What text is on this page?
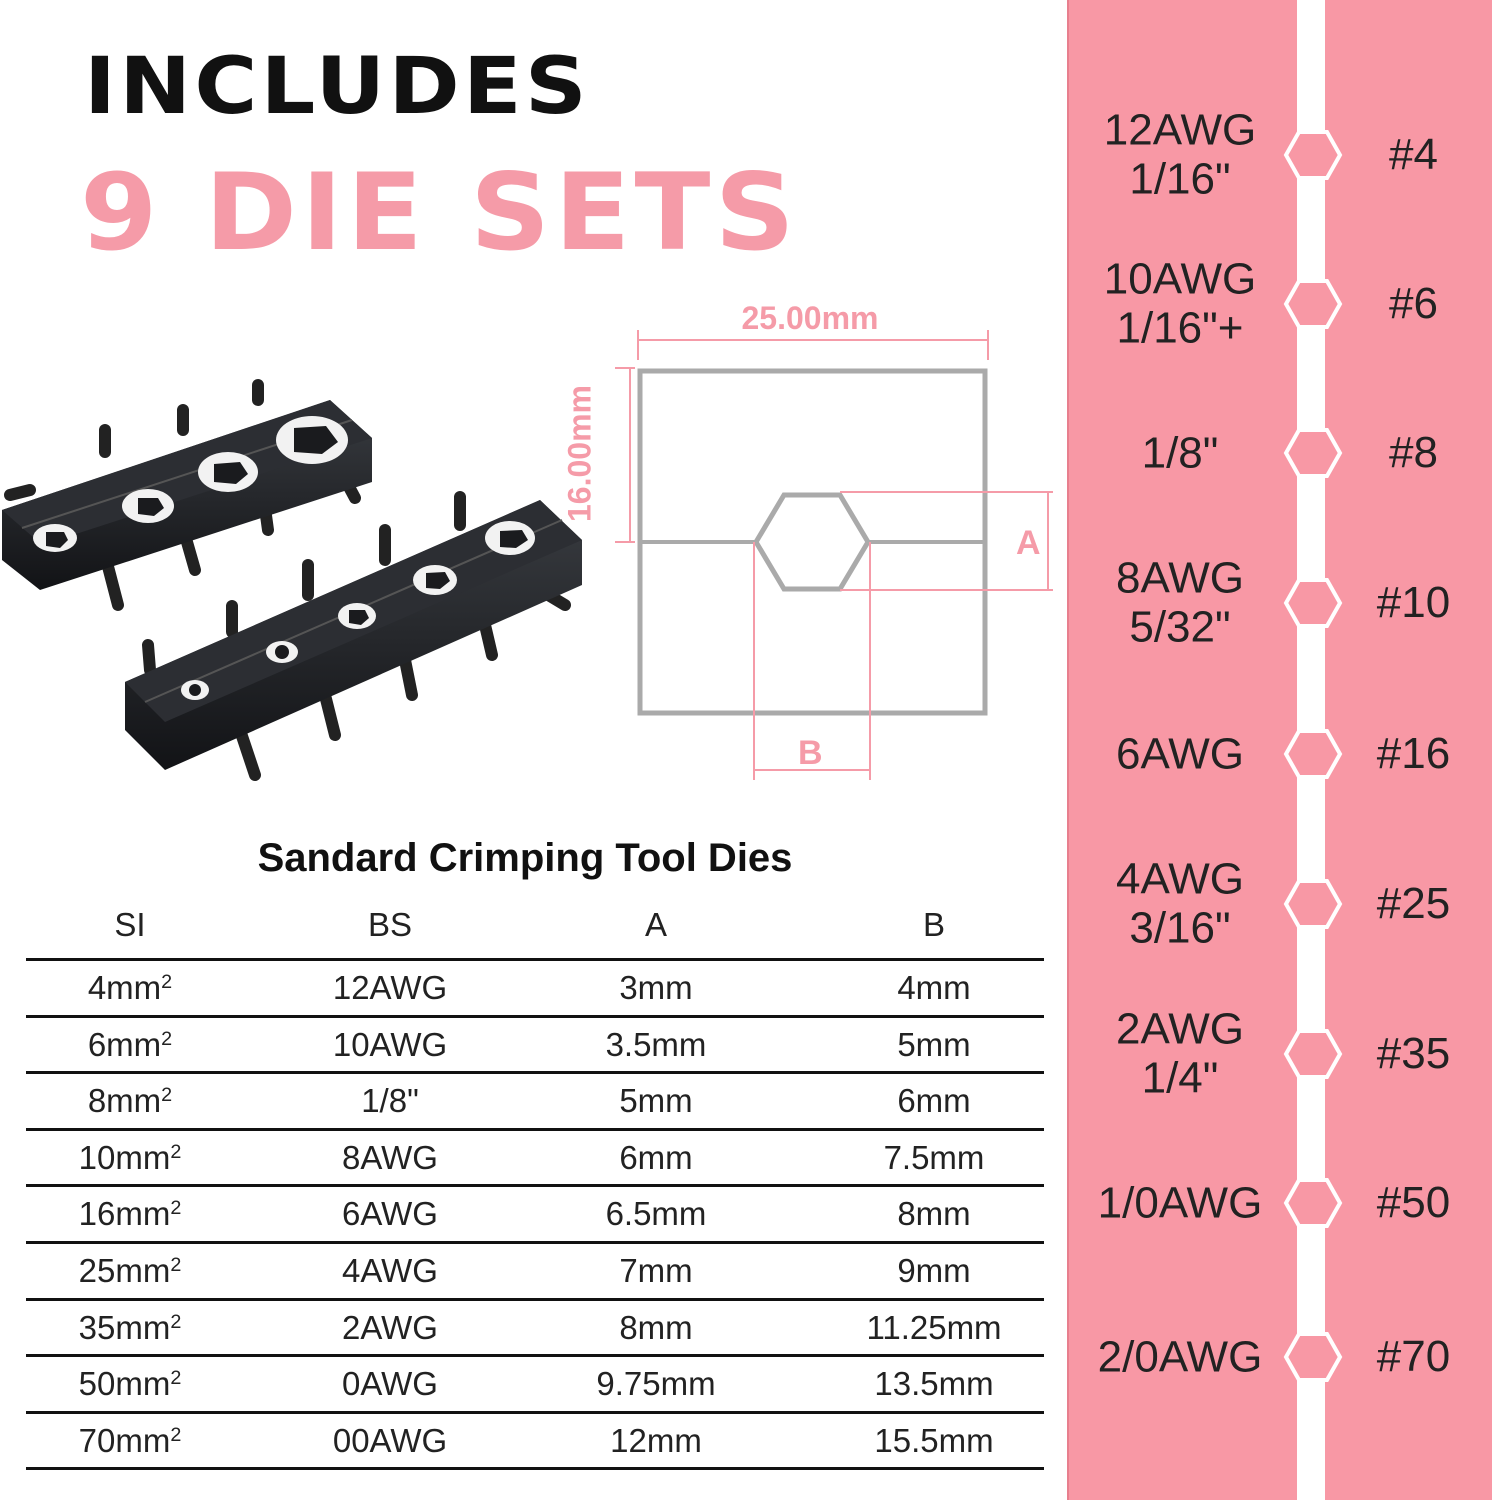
INCLUDES
9 DIE SETS
25.00mm
16.00mm
A
B
Sandard Crimping Tool Dies
SI	BS	A	B
$4mm^2$	12AWG	3mm	4mm
$6mm^2$	10AWG	3.5mm	5mm
$8mm^2$	1/8"	5mm	6mm
$10mm^2$	8AWG	6mm	7.5mm
$16mm^2$	6AWG	6.5mm	8mm
$25mm^2$	4AWG	7mm	9mm
$35mm^2$	2AWG	8mm	11.25mm
$50mm^2$	0AWG	9.75mm	13.5mm
$70mm^2$	00AWG	12mm	15.5mm
12AWG
1/16"
#4
10AWG
1/16"+
#6
1/8"	#8
8AWG
5/32"
#10
6AWG	#16
4AWG
3/16"
#25
2AWG
1/4"
#35
1/0AWG	#50
2/0AWG	#70
